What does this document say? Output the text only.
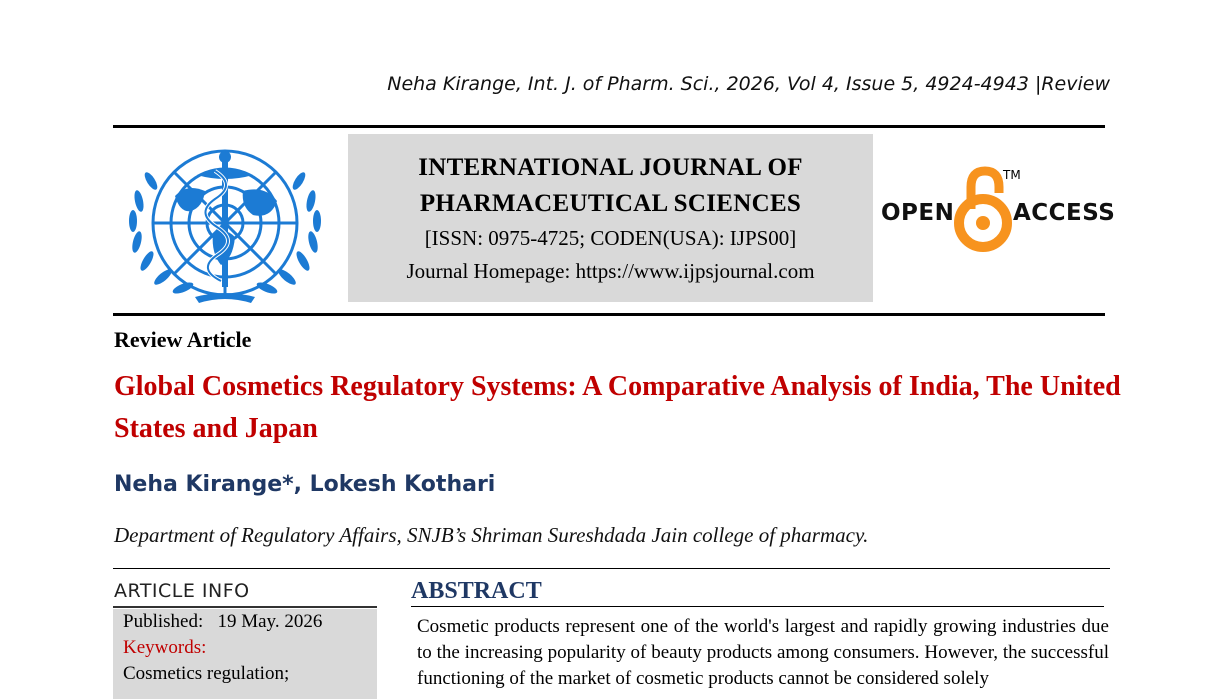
Neha Kirange, Int. J. of Pharm. Sci., 2026, Vol 4, Issue 5, 4924-4943 |Review
INTERNATIONAL JOURNAL OF
PHARMACEUTICAL SCIENCES
[ISSN: 0975-4725; CODEN(USA): IJPS00]
Journal Homepage: https://www.ijpsjournal.com
OPEN
TM
ACCESS
Review Article
Global Cosmetics Regulatory Systems: A Comparative Analysis of India, The United States and Japan
Neha Kirange*, Lokesh Kothari
Department of Regulatory Affairs, SNJB’s Shriman Sureshdada Jain college of pharmacy.
ARTICLE INFO
Published: 19 May. 2026
Keywords:
Cosmetics regulation;
ABSTRACT
Cosmetic products represent one of the world's largest and rapidly growing industries due to the increasing popularity of beauty products among consumers. However, the successful functioning of the market of cosmetic products cannot be considered solely
